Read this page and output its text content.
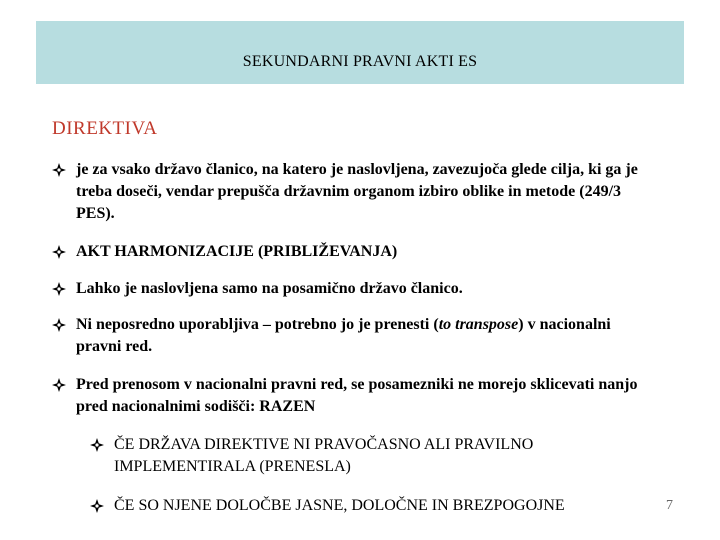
SEKUNDARNI PRAVNI AKTI ES
DIREKTIVA
je za vsako državo članico, na katero je naslovljena, zavezujoča glede cilja, ki ga je treba doseči, vendar prepušča državnim organom izbiro oblike in metode (249/3 PES).
AKT HARMONIZACIJE (PRIBLIŽEVANJA)
Lahko je naslovljena samo na posamično državo članico.
Ni neposredno uporabljiva – potrebno jo je prenesti (to transpose) v nacionalni pravni red.
Pred prenosom v nacionalni pravni red, se posamezniki ne morejo sklicevati nanjo pred nacionalnimi sodišči: RAZEN
ČE DRŽAVA DIREKTIVE NI PRAVOČASNO ALI PRAVILNO IMPLEMENTIRALA (PRENESLA)
ČE SO NJENE DOLOČBE JASNE, DOLOČNE IN BREZPOGOJNE	7
